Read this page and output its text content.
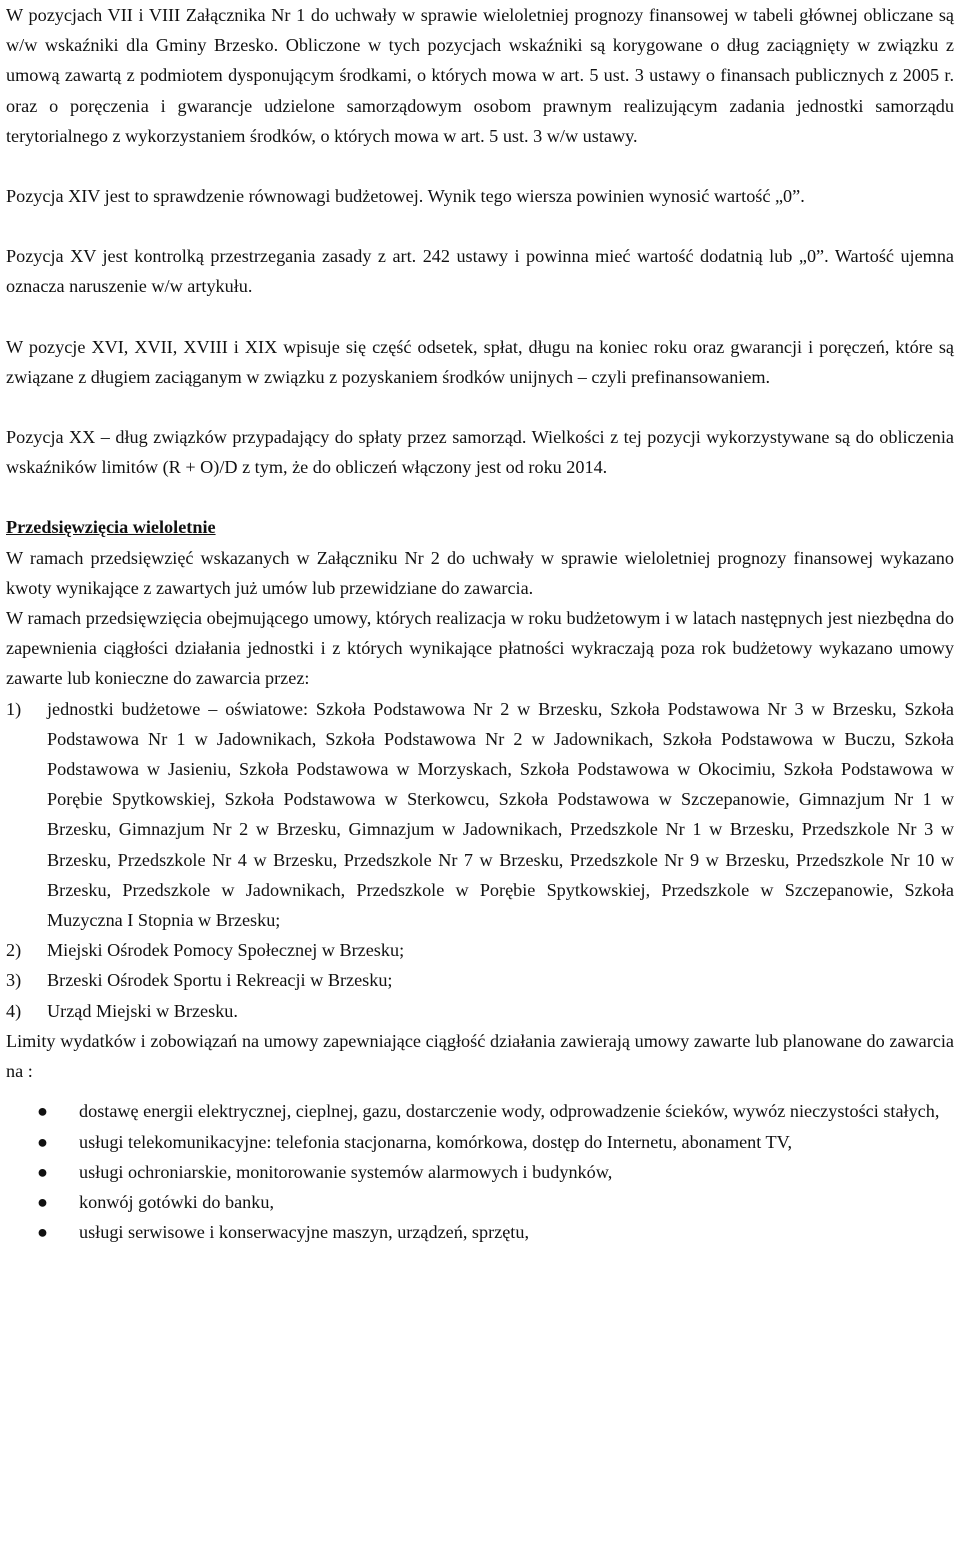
W pozycjach VII i VIII Załącznika Nr 1 do uchwały w sprawie wieloletniej prognozy finansowej w tabeli głównej obliczane są w/w wskaźniki dla Gminy Brzesko. Obliczone w tych pozycjach wskaźniki są korygowane o dług zaciągnięty w związku z umową zawartą z podmiotem dysponującym środkami, o których mowa w art. 5 ust. 3 ustawy o finansach publicznych z 2005 r. oraz o poręczenia i gwarancje udzielone samorządowym osobom prawnym realizującym zadania jednostki samorządu terytorialnego z wykorzystaniem środków, o których mowa w art. 5 ust. 3 w/w ustawy.

Pozycja XIV jest to sprawdzenie równowagi budżetowej. Wynik tego wiersza powinien wynosić wartość „0”.

Pozycja XV jest kontrolką przestrzegania zasady z art. 242 ustawy i powinna mieć wartość dodatnią lub „0”. Wartość ujemna oznacza naruszenie w/w artykułu.

W pozycje XVI, XVII, XVIII i XIX wpisuje się część odsetek, spłat, długu na koniec roku oraz gwarancji i poręczeń, które są związane z długiem zaciąganym w związku z pozyskaniem środków unijnych – czyli prefinansowaniem.

Pozycja XX – dług związków przypadający do spłaty przez samorząd. Wielkości z tej pozycji wykorzystywane są do obliczenia wskaźników limitów (R + O)/D z tym, że do obliczeń włączony jest od roku 2014.

Przedsięwzięcia wieloletnie

W ramach przedsięwzięć wskazanych w Załączniku Nr 2 do uchwały w sprawie wieloletniej prognozy finansowej wykazano kwoty wynikające z zawartych już umów lub przewidziane do zawarcia.

W ramach przedsięwzięcia obejmującego umowy, których realizacja w roku budżetowym i w latach następnych jest niezbędna do zapewnienia ciągłości działania jednostki i z których wynikające płatności wykraczają poza rok budżetowy wykazano umowy zawarte lub konieczne do zawarcia przez:

1) jednostki budżetowe – oświatowe: Szkoła Podstawowa Nr 2 w Brzesku, Szkoła Podstawowa Nr 3 w Brzesku, Szkoła Podstawowa Nr 1 w Jadownikach, Szkoła Podstawowa Nr 2 w Jadownikach, Szkoła Podstawowa w Buczu, Szkoła Podstawowa w Jasieniu, Szkoła Podstawowa w Morzyskach, Szkoła Podstawowa w Okocimiu, Szkoła Podstawowa w Porębie Spytkowskiej, Szkoła Podstawowa w Sterkowcu, Szkoła Podstawowa w Szczepanowie, Gimnazjum Nr 1 w Brzesku, Gimnazjum Nr 2 w Brzesku, Gimnazjum w Jadownikach, Przedszkole Nr 1 w Brzesku, Przedszkole Nr 3 w Brzesku, Przedszkole Nr 4 w Brzesku, Przedszkole Nr 7 w Brzesku, Przedszkole Nr 9 w Brzesku, Przedszkole Nr 10 w Brzesku, Przedszkole w Jadownikach, Przedszkole w Porębie Spytkowskiej, Przedszkole w Szczepanowie, Szkoła Muzyczna I Stopnia w Brzesku;
2) Miejski Ośrodek Pomocy Społecznej w Brzesku;
3) Brzeski Ośrodek Sportu i Rekreacji w Brzesku;
4) Urząd Miejski w Brzesku.

Limity wydatków i zobowiązań na umowy zapewniające ciągłość działania zawierają umowy zawarte lub planowane do zawarcia na :

● dostawę energii elektrycznej, cieplnej, gazu, dostarczenie wody, odprowadzenie ścieków, wywóz nieczystości stałych,
● usługi telekomunikacyjne: telefonia stacjonarna, komórkowa, dostęp do Internetu, abonament TV,
● usługi ochroniarskie, monitorowanie systemów alarmowych i budynków,
● konwój gotówki do banku,
● usługi serwisowe i konserwacyjne maszyn, urządzeń, sprzętu,
